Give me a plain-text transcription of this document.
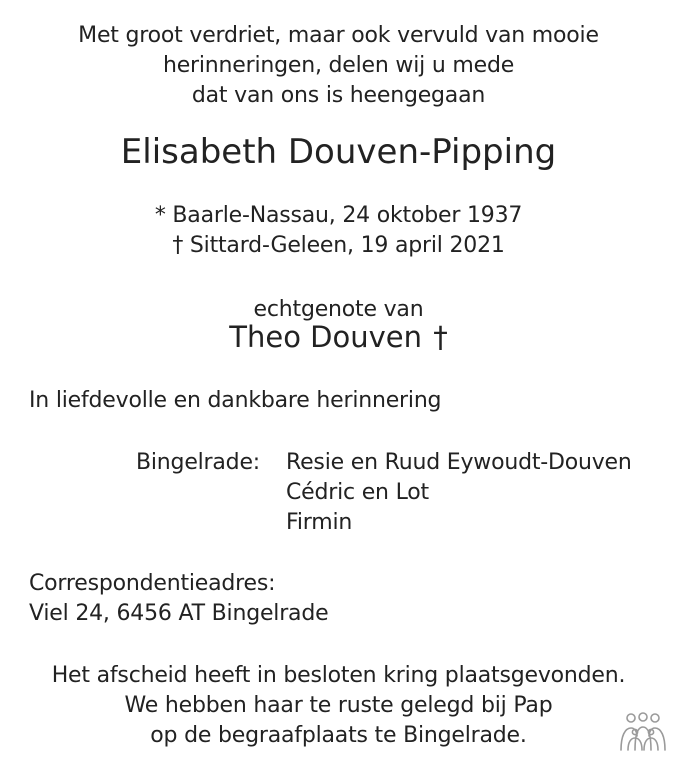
Met groot verdriet, maar ook vervuld van mooie
herinneringen, delen wij u mede
dat van ons is heengegaan
Elisabeth Douven-Pipping
* Baarle-Nassau, 24 oktober 1937
† Sittard-Geleen, 19 april 2021
echtgenote van
Theo Douven †
In liefdevolle en dankbare herinnering
Bingelrade: Resie en Ruud Eywoudt-Douven
Cédric en Lot
Firmin
Correspondentieadres:
Viel 24, 6456 AT Bingelrade
Het afscheid heeft in besloten kring plaatsgevonden.
We hebben haar te ruste gelegd bij Pap
op de begraafplaats te Bingelrade.
